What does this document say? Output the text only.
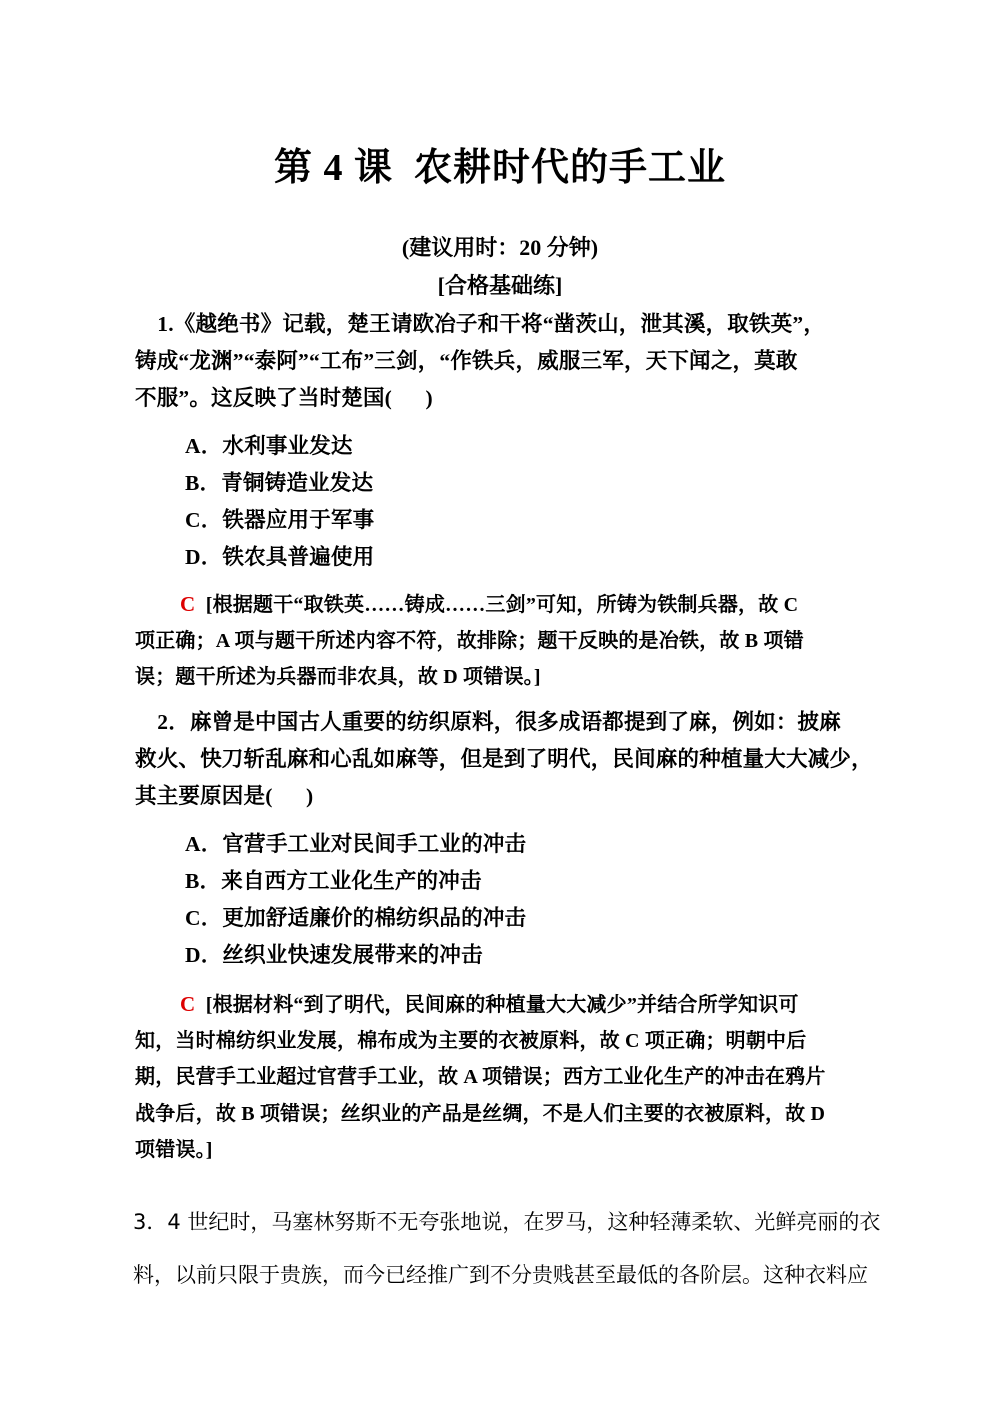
第 4 课  农耕时代的手工业
(建议用时：20 分钟)
[合格基础练]
1.《越绝书》记载，楚王请欧冶子和干将“凿茨山，泄其溪，取铁英”，
铸成“龙渊”“泰阿”“工布”三剑，“作铁兵，威服三军，天下闻之，莫敢
不服”。这反映了当时楚国(      )
A．水利事业发达
B．青铜铸造业发达
C．铁器应用于军事
D．铁农具普遍使用
C  [根据题干“取铁英……铸成……三剑”可知，所铸为铁制兵器，故 C
项正确；A 项与题干所述内容不符，故排除；题干反映的是冶铁，故 B 项错
误；题干所述为兵器而非农具，故 D 项错误。]
2．麻曾是中国古人重要的纺织原料，很多成语都提到了麻，例如：披麻
救火、快刀斩乱麻和心乱如麻等，但是到了明代，民间麻的种植量大大减少，
其主要原因是(      )
A．官营手工业对民间手工业的冲击
B．来自西方工业化生产的冲击
C．更加舒适廉价的棉纺织品的冲击
D．丝织业快速发展带来的冲击
C  [根据材料“到了明代，民间麻的种植量大大减少”并结合所学知识可
知，当时棉纺织业发展，棉布成为主要的衣被原料，故 C 项正确；明朝中后
期，民营手工业超过官营手工业，故 A 项错误；西方工业化生产的冲击在鸦片
战争后，故 B 项错误；丝织业的产品是丝绸，不是人们主要的衣被原料，故 D
项错误。]
3．4 世纪时，马塞林努斯不无夸张地说，在罗马，这种轻薄柔软、光鲜亮丽的衣
料，以前只限于贵族，而今已经推广到不分贵贱甚至最低的各阶层。这种衣料应
